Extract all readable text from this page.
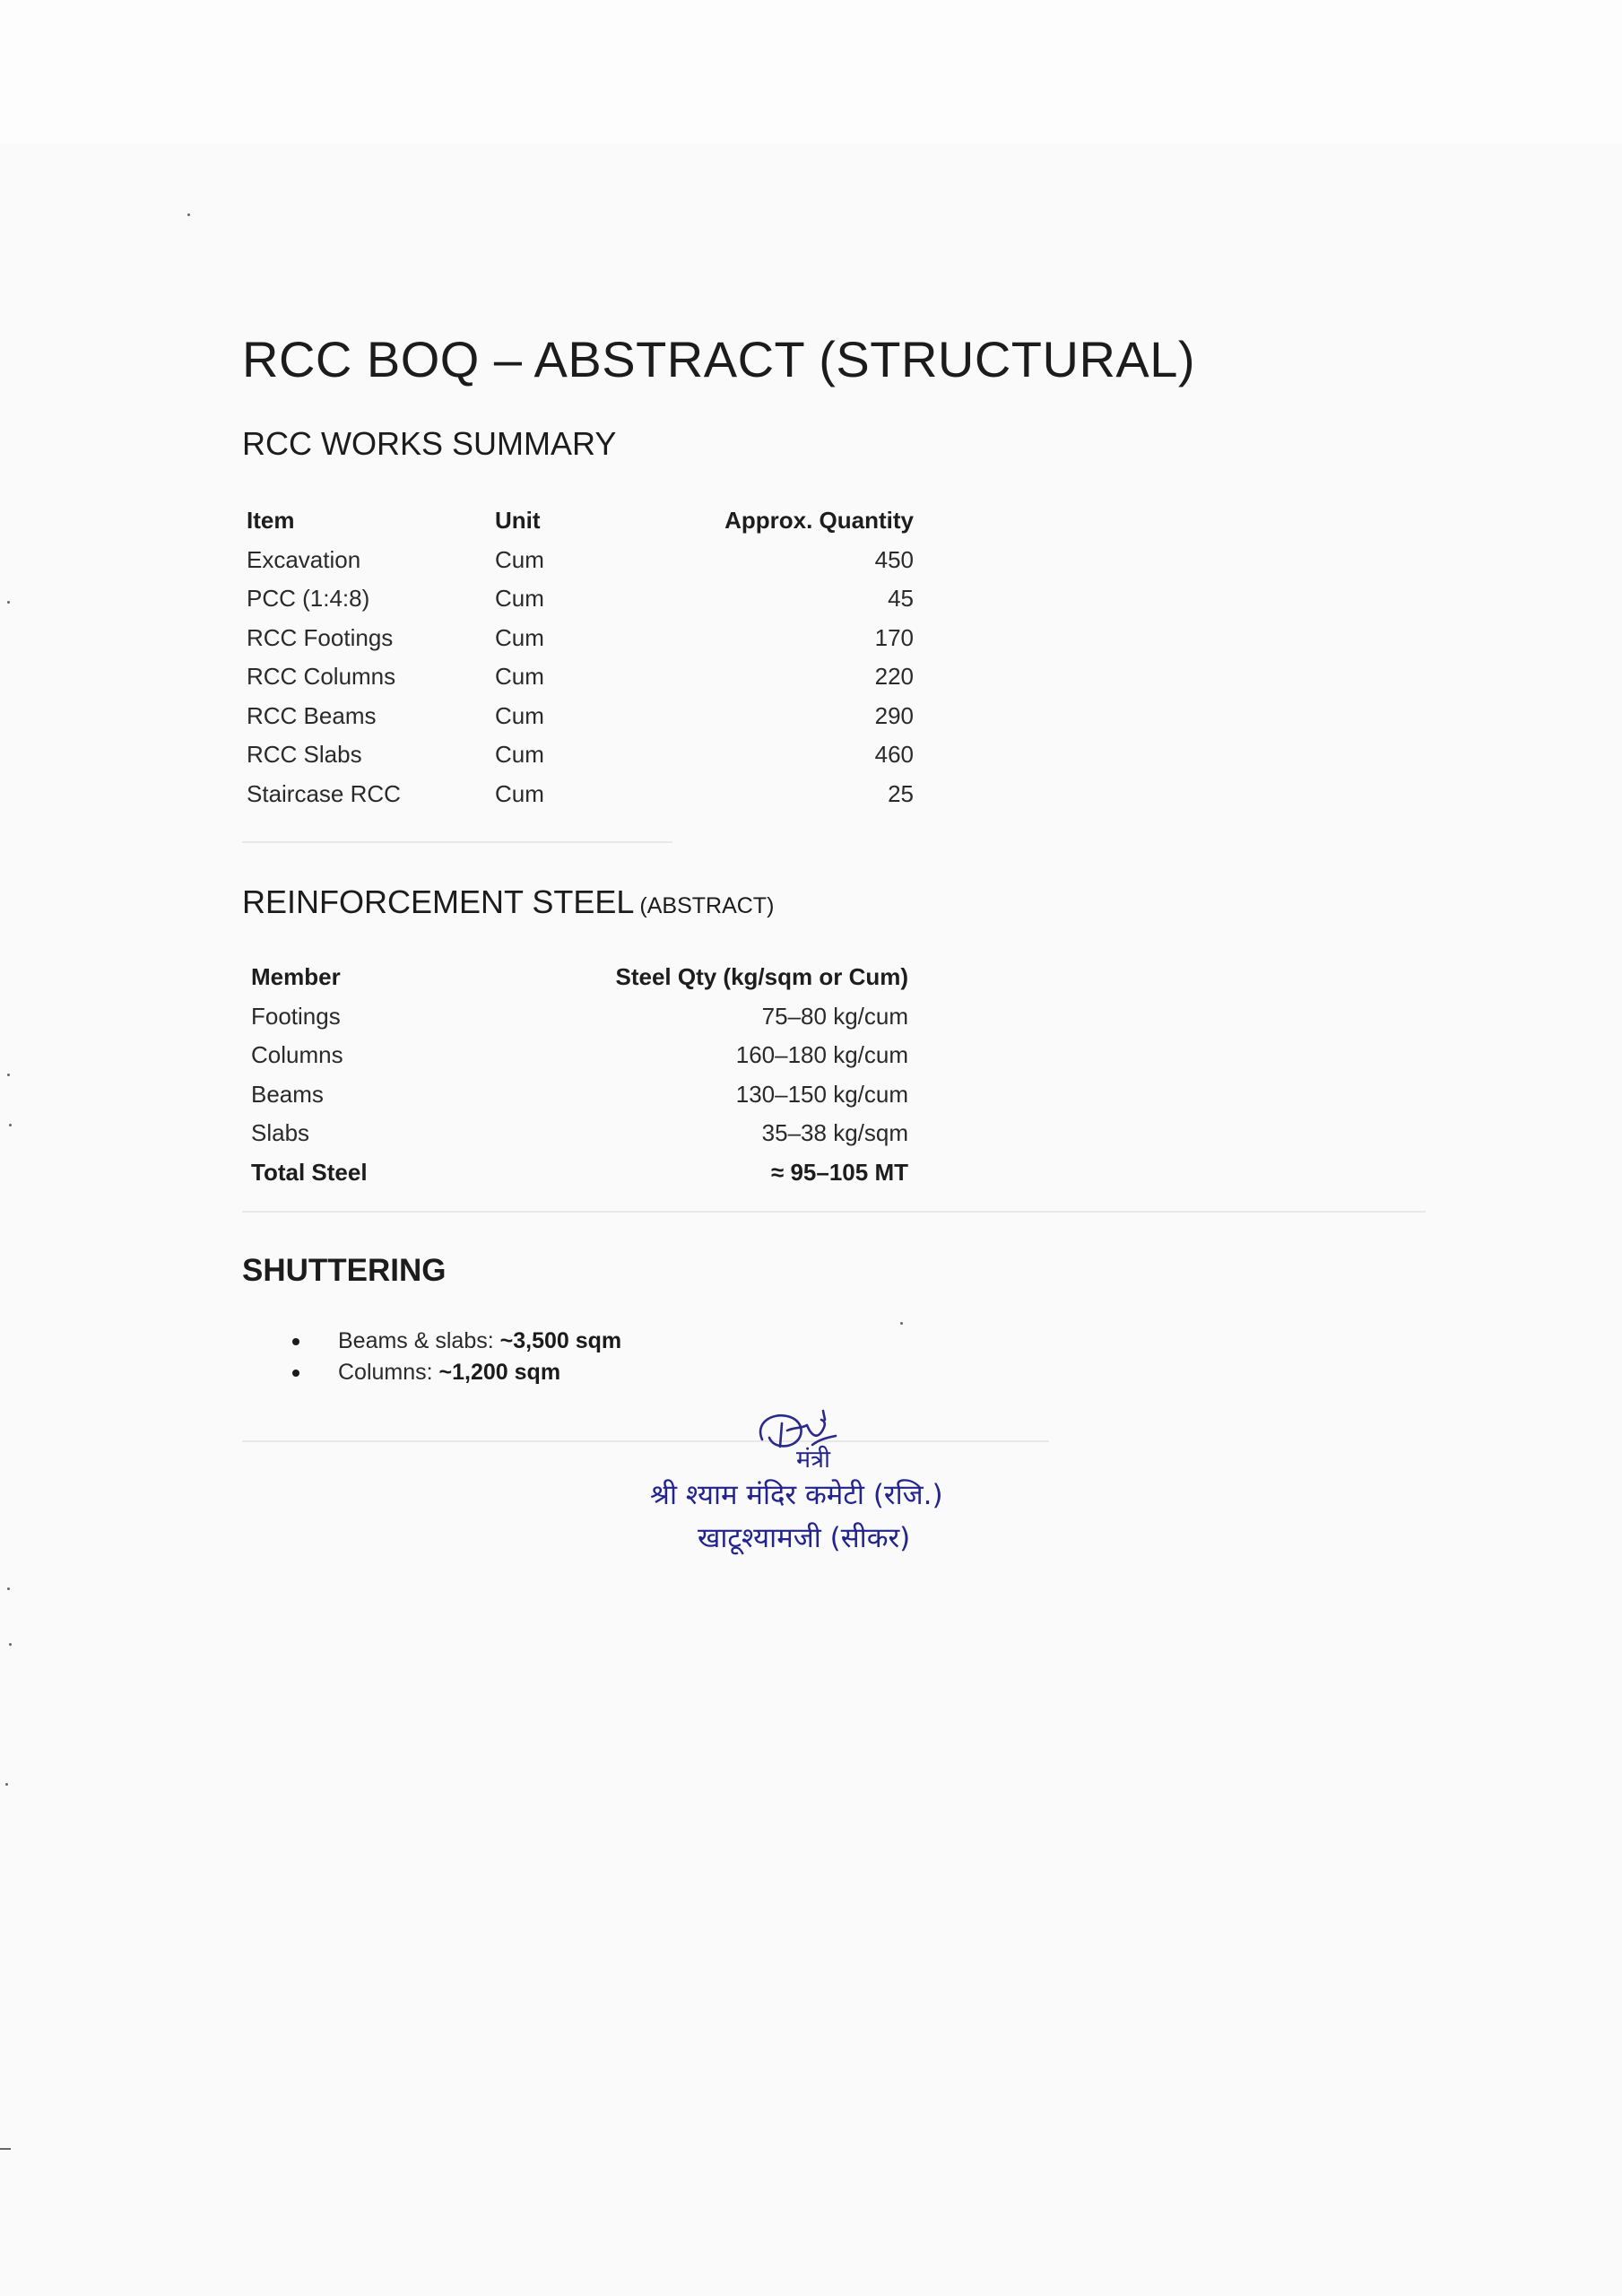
RCC BOQ – ABSTRACT (STRUCTURAL)
RCC WORKS SUMMARY
Item	Unit	Approx. Quantity
Excavation	Cum	450
PCC (1:4:8)	Cum	45
RCC Footings	Cum	170
RCC Columns	Cum	220
RCC Beams	Cum	290
RCC Slabs	Cum	460
Staircase RCC	Cum	25
REINFORCEMENT STEEL (ABSTRACT)
Member	Steel Qty (kg/sqm or Cum)
Footings	75–80 kg/cum
Columns	160–180 kg/cum
Beams	130–150 kg/cum
Slabs	35–38 kg/sqm
Total Steel	≈ 95–105 MT
SHUTTERING
Beams & slabs: ~3,500 sqm
Columns: ~1,200 sqm
मंत्री
श्री श्याम मंदिर कमेटी (रजि.)
खाटूश्यामजी (सीकर)
